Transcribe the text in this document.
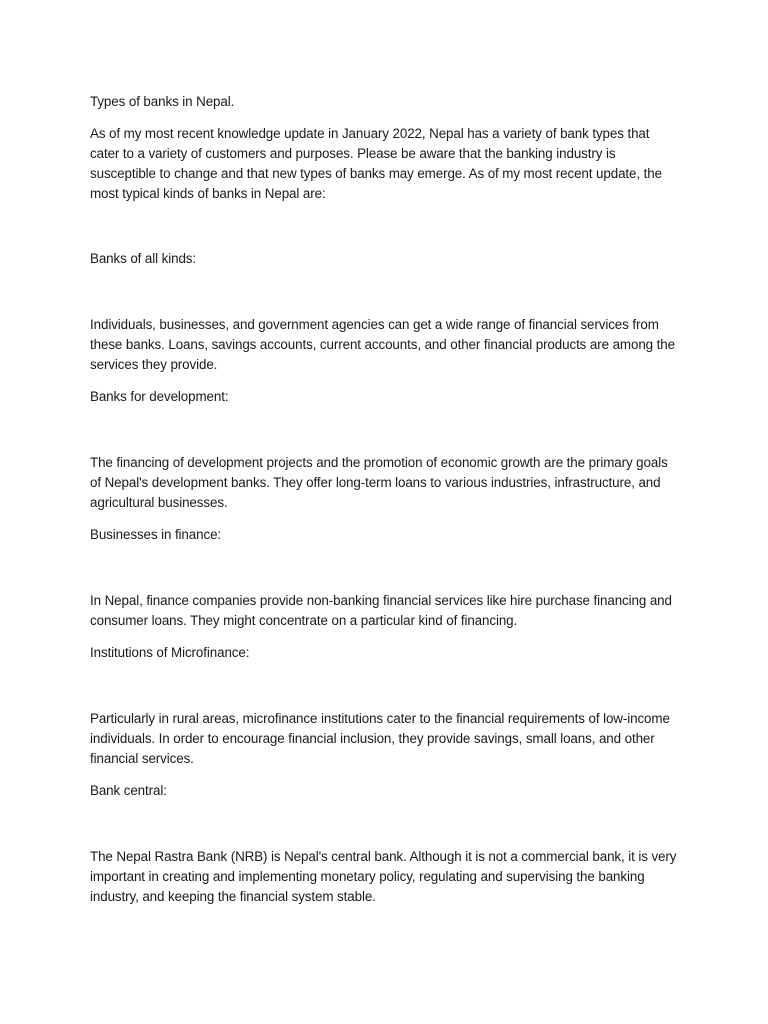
Types of banks in Nepal.

As of my most recent knowledge update in January 2022, Nepal has a variety of bank types that cater to a variety of customers and purposes. Please be aware that the banking industry is susceptible to change and that new types of banks may emerge. As of my most recent update, the most typical kinds of banks in Nepal are:

Banks of all kinds:

Individuals, businesses, and government agencies can get a wide range of financial services from these banks. Loans, savings accounts, current accounts, and other financial products are among the services they provide.

Banks for development:

The financing of development projects and the promotion of economic growth are the primary goals of Nepal's development banks. They offer long-term loans to various industries, infrastructure, and agricultural businesses.

Businesses in finance:

In Nepal, finance companies provide non-banking financial services like hire purchase financing and consumer loans. They might concentrate on a particular kind of financing.

Institutions of Microfinance:

Particularly in rural areas, microfinance institutions cater to the financial requirements of low-income individuals. In order to encourage financial inclusion, they provide savings, small loans, and other financial services.

Bank central:

The Nepal Rastra Bank (NRB) is Nepal's central bank. Although it is not a commercial bank, it is very important in creating and implementing monetary policy, regulating and supervising the banking industry, and keeping the financial system stable.
